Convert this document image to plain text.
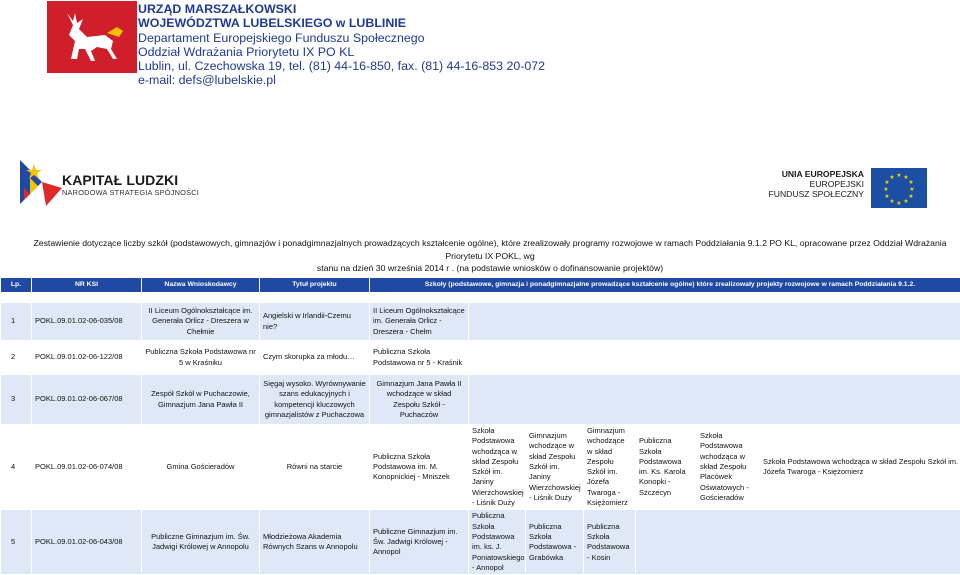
URZĄD MARSZAŁKOWSKI
WOJEWÓDZTWA LUBELSKIEGO w LUBLINIE
Departament Europejskiego Funduszu Społecznego
Oddział Wdrażania Priorytetu IX PO KL
Lublin, ul. Czechowska 19, tel. (81) 44-16-850, fax. (81) 44-16-853 20-072
e-mail: defs@lubelskie.pl
KAPITAŁ LUDZKI
NARODOWA STRATEGIA SPÓJNOŚCI
UNIA EUROPEJSKA
EUROPEJSKI
FUNDUSZ SPOŁECZNY
★ ★
★
★
★
★
★
★
★
★
★
★
Zestawienie dotyczące liczby szkół (podstawowych, gimnazjów i ponadgimnazjalnych prowadzących kształcenie ogólne), które zrealizowały programy rozwojowe w ramach Poddziałania 9.1.2 PO KL, opracowane przez Oddział Wdrażania Priorytetu IX POKL, wg
stanu na dzień 30 września 2014 r . (na podstawie wniosków o dofinansowanie projektów)
Lp.	NR KSI	Nazwa Wnioskodawcy	Tytuł projektu	Szkoły (podstawowe, gimnazja i ponadgimnazjalne prowadzące kształcenie ogólne) które zrealizowały projekty rozwojowe w ramach Poddziałania 9.1.2.						

1	POKL.09.01.02-06-035/08	II Liceum Ogólnokształcące im. Generała Orlicz - Dreszera w Chełmie	Angielski w Irlandii-Czemu nie?	II Liceum Ogólnokształcące im. Generała Orlicz - Dreszera - Chełm						
2	POKL.09.01.02-06-122/08	Publiczna Szkoła Podstawowa nr 5 w Kraśniku	Czym skorupka za młodu…	Publiczna Szkoła Podstawowa nr 5 - Kraśnik						
3	POKL.09.01.02-06-067/08	Zespół Szkół w Puchaczowie, Gimnazjum Jana Pawła II	Sięgaj wysoko. Wyrównywanie szans edukacyjnych i kompetencji kluczowych gimnazjalistów z Puchaczowa	Gimnazjum Jana Pawła II wchodzące w skład Zespołu Szkół - Puchaczów						
4	POKL.09.01.02-06-074/08	Gmina Gościeradów	Równi na starcie	Publiczna Szkoła Podstawowa im. M. Konopnickiej - Mniszek	Szkoła Podstawowa wchodząca w skład Zespołu Szkół im. Janiny Wierzchowskiej - Liśnik Duży	Gimnazjum wchodzące w skład Zespołu Szkół im. Janiny Wierzchowskiej - Liśnik Duży	Gimnazjum wchodzące w skład Zespołu Szkół im. Józefa Twaroga - Księżomierz	Publiczna Szkoła Podstawowa im. Ks. Karola Konopki - Szczecyn	Szkoła Podstawowa wchodząca w skład Zespołu Placówek Oświatowych - Gościeradów	Szkoła Podstawowa wchodząca w skład Zespołu Szkół im. Józefa Twaroga - Księżomierz
5	POKL.09.01.02-06-043/08	Publiczne Gimnazjum im. Św. Jadwigi Królowej w Annopolu	Młodzieżowa Akademia Równych Szans w Annopolu	Publiczne Gimnazjum im. Św. Jadwigi Królowej - Annopol	Publiczna Szkoła Podstawowa im. ks. J. Poniatowskiego - Annopol	Publiczna Szkoła Podstawowa - Grabówka	Publiczna Szkoła Podstawowa - Kosin			
